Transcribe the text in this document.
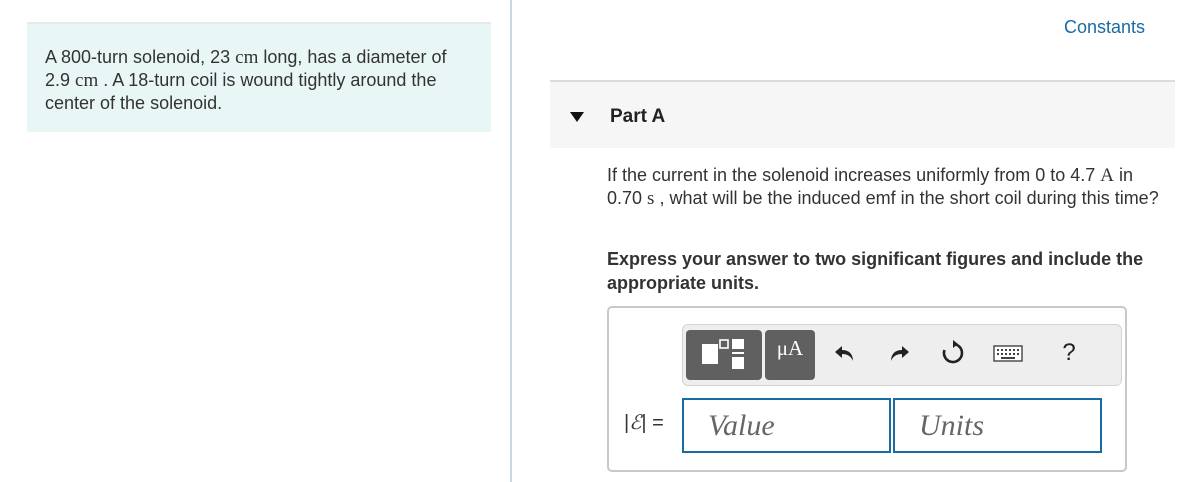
A 800-turn solenoid, 23 cm long, has a diameter of 2.9 cm . A 18-turn coil is wound tightly around the center of the solenoid.

Constants
Part A

If the current in the solenoid increases uniformly from 0 to 4.7 A in 0.70 s , what will be the induced emf in the short coil during this time?

Express your answer to two significant figures and include the appropriate units.

μA	?
|ℰ| =	Value	Units
